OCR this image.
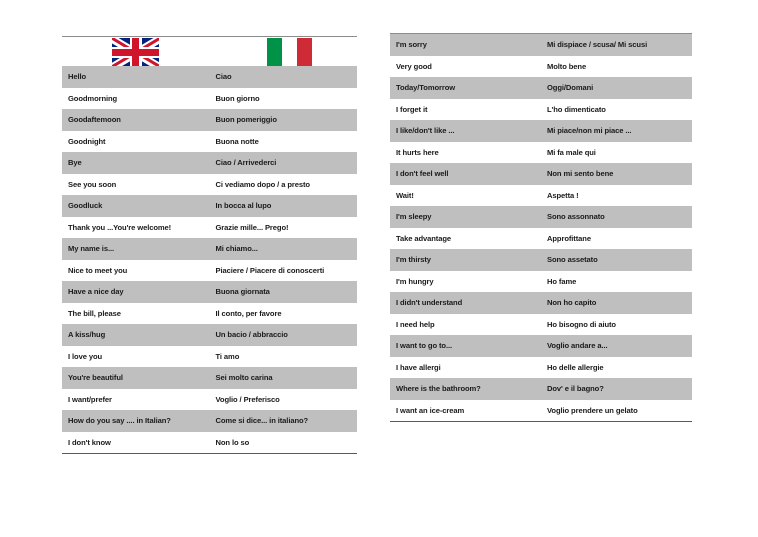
Hello	Ciao
Goodmorning	Buon giorno
Goodaftemoon	Buon pomeriggio
Goodnight	Buona notte
Bye	Ciao / Arrivederci
See you soon	Ci vediamo dopo / a presto
Goodluck	In bocca al lupo
Thank you ...You're welcome!	Grazie mille... Prego!
My name is...	Mi chiamo...
Nice to meet you	Piaciere / Piacere di conoscerti
Have a nice day	Buona giornata
The bill, please	Il conto, per favore
A kiss/hug	Un bacio / abbraccio
I love you	Ti amo
You're beautiful	Sei molto carina
I want/prefer	Voglio / Preferisco
How do you say .... in Italian?	Come si dice... in italiano?
I don't know	Non lo so
I'm sorry	Mi dispiace / scusa/ Mi scusi
Very good	Molto bene
Today/Tomorrow	Oggi/Domani
I forget it	L'ho dimenticato
I like/don't like ...	Mi piace/non mi piace ...
It hurts here	Mi fa male qui
I don't feel well	Non mi sento bene
Wait!	Aspetta !
I'm sleepy	Sono assonnato
Take advantage	Approfittane
I'm thirsty	Sono assetato
I'm hungry	Ho fame
I didn't understand	Non ho capito
I need help	Ho bisogno di aiuto
I want to go to...	Voglio andare a...
I have allergi	Ho delle allergie
Where is the bathroom?	Dov' e il bagno?
I want an ice-cream	Voglio prendere un gelato
